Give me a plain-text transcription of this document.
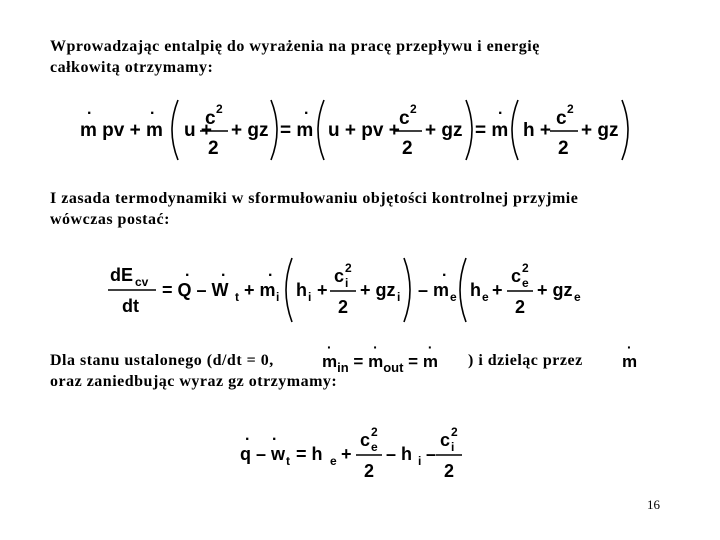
Wprowadzając entalpię do wyrażenia na pracę przepływu i energię
całkowitą otrzymamy:
.	.
m pv + m u +
c 2
2
+ gz
.
= m u + pv +
c 2
2
+ gz
.
= m h +
c 2
2
+ gz
I zasada termodynamiki w sformułowaniu objętości kontrolnej przyjmie
wówczas postać:
dE cv
dt
. .
= Q – W t
.
+ m i h i +
c 2
i
2
+ gz i
.
– m e h e +
c 2
e
2
+ gz e
Dla stanu ustalonego (d/dt = 0,	· $m_{in}$ = · $m_{out}$ = · m ) i dzieląc przez · m
oraz zaniedbując wyraz gz otrzymamy:
. .
q – w t = h e +
c 2
e
2
– h i –
c 2
i
2
16
